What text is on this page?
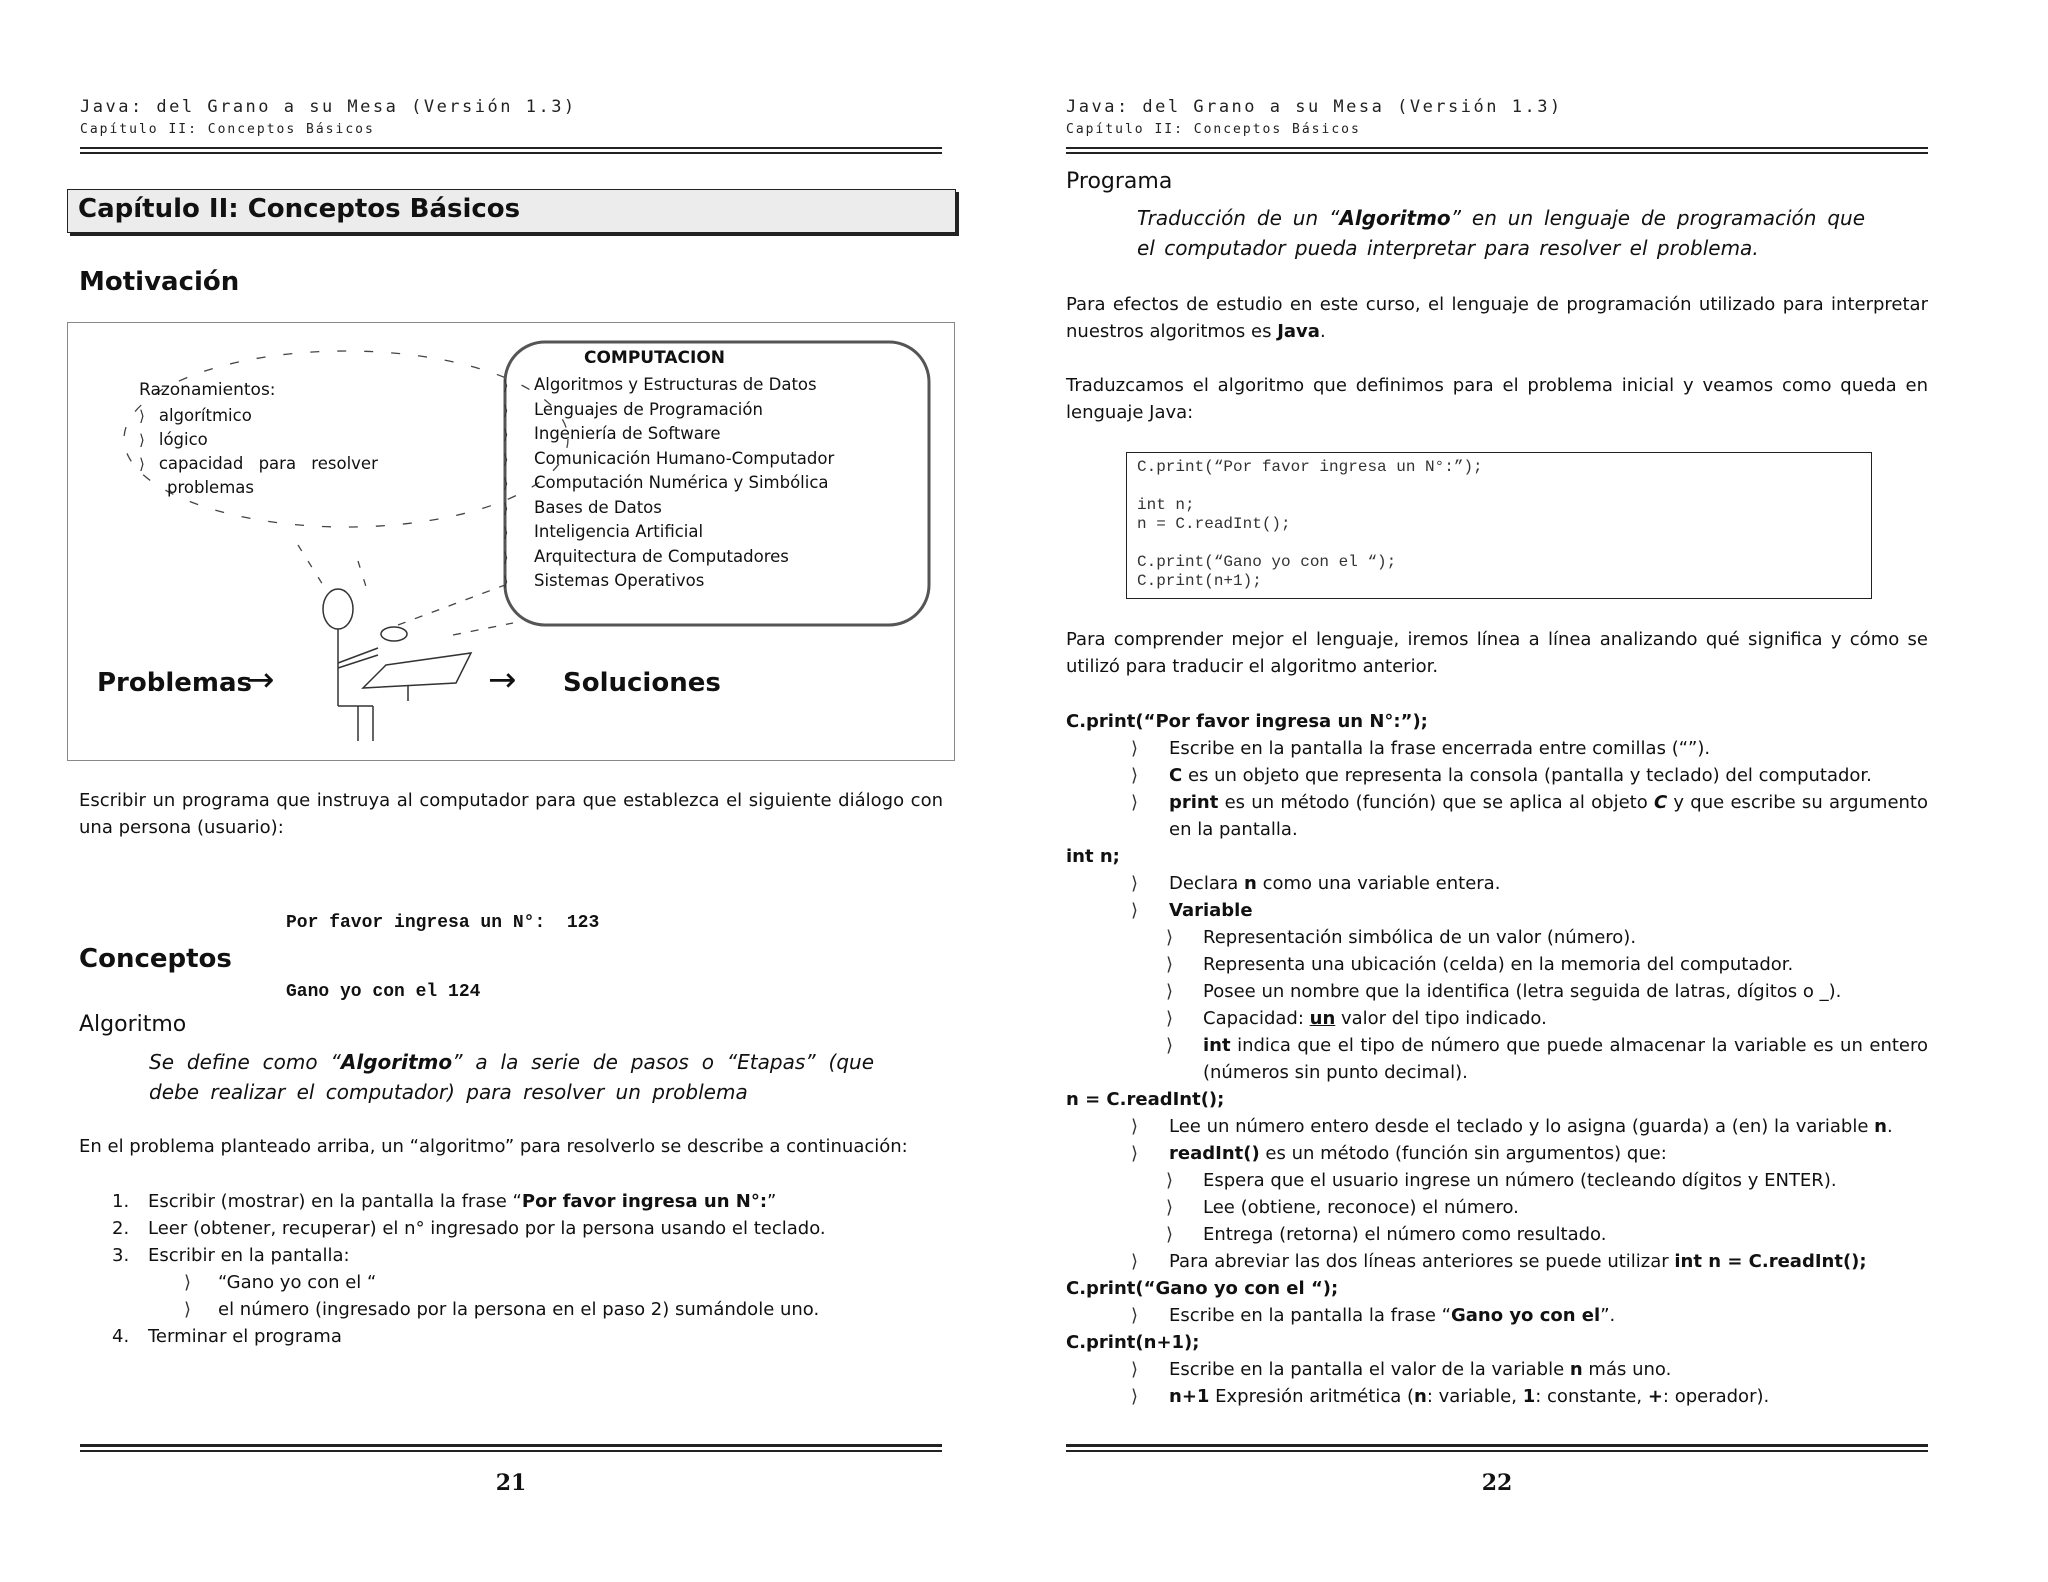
Java: del Grano a su Mesa (Versión 1.3)
Capítulo II: Conceptos Básicos
Capítulo II: Conceptos Básicos
Motivación
Razonamientos:
⟩ algorítmico
⟩ lógico
⟩ capacidad para resolver
problemas
COMPUTACION
⟩ Algoritmos y Estructuras de Datos
⟩ Lenguajes de Programación
⟩ Ingeniería de Software
⟩ Comunicación Humano-Computador
⟩ Computación Numérica y Simbólica
⟩ Bases de Datos
⟩ Inteligencia Artificial
⟩ Arquitectura de Computadores
⟩ Sistemas Operativos
Problemas
→	→ Soluciones
Escribir un programa que instruya al computador para que establezca el siguiente diálogo con una persona (usuario):

Por favor ingresa un N°:  123

Gano yo con el 124

Conceptos
Algoritmo
Se define como “Algoritmo” a la serie de pasos o “Etapas” (que debe realizar el computador) para resolver un problema
En el problema planteado arriba, un “algoritmo” para resolverlo se describe a continuación:
1. Escribir (mostrar) en la pantalla la frase “Por favor ingresa un N°:”
2. Leer (obtener, recuperar) el n° ingresado por la persona usando el teclado.
3. Escribir en la pantalla:
⟩ “Gano yo con el “
⟩ el número (ingresado por la persona en el paso 2) sumándole uno.
4. Terminar el programa
21
Java: del Grano a su Mesa (Versión 1.3)
Capítulo II: Conceptos Básicos
Programa
Traducción de un “Algoritmo” en un lenguaje de programación que el computador pueda interpretar para resolver el problema.
Para efectos de estudio en este curso, el lenguaje de programación utilizado para interpretar nuestros algoritmos es Java.
Traduzcamos el algoritmo que definimos para el problema inicial y veamos como queda en lenguaje Java:
C.print(“Por favor ingresa un N°:”);
int n;
n = C.readInt();
C.print(“Gano yo con el “);
C.print(n+1);
Para comprender mejor el lenguaje, iremos línea a línea analizando qué significa y cómo se utilizó para traducir el algoritmo anterior.
C.print(“Por favor ingresa un N°:”);
⟩ Escribe en la pantalla la frase encerrada entre comillas (“”).
⟩ C es un objeto que representa la consola (pantalla y teclado) del computador.
⟩ print es un método (función) que se aplica al objeto C y que escribe su argumento en la pantalla.
int n;
⟩ Declara n como una variable entera.
⟩ Variable
⟩ Representación simbólica de un valor (número).
⟩ Representa una ubicación (celda) en la memoria del computador.
⟩ Posee un nombre que la identifica (letra seguida de latras, dígitos o _).
⟩ Capacidad: un valor del tipo indicado.
⟩ int indica que el tipo de número que puede almacenar la variable es un entero (números sin punto decimal).
n = C.readInt();
⟩ Lee un número entero desde el teclado y lo asigna (guarda) a (en) la variable n.
⟩ readInt() es un método (función sin argumentos) que:
⟩ Espera que el usuario ingrese un número (tecleando dígitos y ENTER).
⟩ Lee (obtiene, reconoce) el número.
⟩ Entrega (retorna) el número como resultado.
⟩ Para abreviar las dos líneas anteriores se puede utilizar int n = C.readInt();
C.print(“Gano yo con el “);
⟩ Escribe en la pantalla la frase “Gano yo con el”.
C.print(n+1);
⟩ Escribe en la pantalla el valor de la variable n más uno.
⟩ n+1 Expresión aritmética (n: variable, 1: constante, +: operador).
22
